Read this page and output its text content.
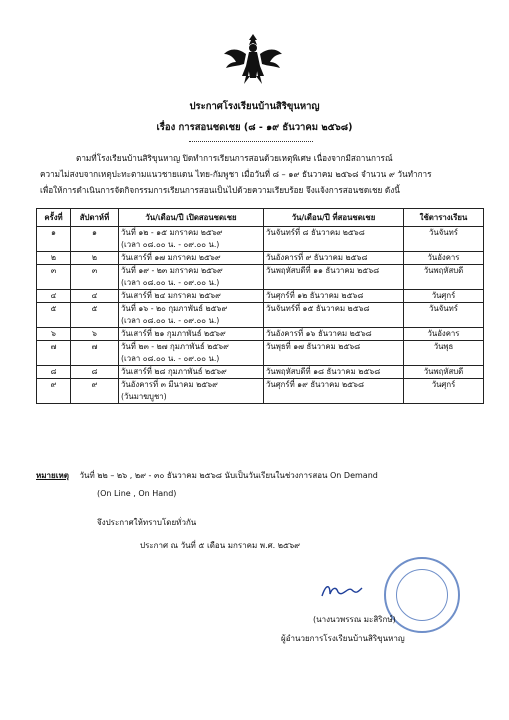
ประกาศโรงเรียนบ้านสิริขุนหาญ
เรื่อง การสอนชดเชย (๘ - ๑๙ ธันวาคม ๒๕๖๘)
ตามที่โรงเรียนบ้านสิริขุนหาญ ปิดทำการเรียนการสอนด้วยเหตุพิเศษ เนื่องจากมีสถานการณ์
ความไม่สงบจากเหตุปะทะตามแนวชายแดน ไทย-กัมพูชา เมื่อวันที่ ๘ – ๑๙ ธันวาคม ๒๕๖๘ จำนวน ๙ วันทำการ
เพื่อให้การดำเนินการจัดกิจกรรมการเรียนการสอนเป็นไปด้วยความเรียบร้อย จึงแจ้งการสอนชดเชย ดังนี้
ครั้งที่	สัปดาห์ที่	วัน/เดือน/ปี เปิดสอนชดเชย	วัน/เดือน/ปี ที่สอนชดเชย	ใช้ตารางเรียน
๑	๑	วันที่ ๑๒ - ๑๕ มกราคม ๒๕๖๙	วันจันทร์ที่ ๘ ธันวาคม ๒๕๖๘	วันจันทร์
		(เวลา ๐๘.๐๐ น. - ๐๙.๐๐ น.)		
๒	๒	วันเสาร์ที่ ๑๗ มกราคม ๒๕๖๙	วันอังคารที่ ๙ ธันวาคม ๒๕๖๘	วันอังคาร
๓	๓	วันที่ ๑๙ - ๒๓ มกราคม ๒๕๖๙	วันพฤหัสบดีที่ ๑๑ ธันวาคม ๒๕๖๘	วันพฤหัสบดี
		(เวลา ๐๘.๐๐ น. - ๐๙.๐๐ น.)		
๔	๔	วันเสาร์ที่ ๒๔ มกราคม ๒๕๖๙	วันศุกร์ที่ ๑๒ ธันวาคม ๒๕๖๘	วันศุกร์
๕	๕	วันที่ ๑๖ - ๒๐ กุมภาพันธ์ ๒๕๖๙	วันจันทร์ที่ ๑๕ ธันวาคม ๒๕๖๘	วันจันทร์
		(เวลา ๐๘.๐๐ น. - ๐๙.๐๐ น.)		
๖	๖	วันเสาร์ที่ ๒๑ กุมภาพันธ์ ๒๕๖๙	วันอังคารที่ ๑๖ ธันวาคม ๒๕๖๘	วันอังคาร
๗	๗	วันที่ ๒๓ - ๒๗ กุมภาพันธ์ ๒๕๖๙	วันพุธที่ ๑๗ ธันวาคม ๒๕๖๘	วันพุธ
		(เวลา ๐๘.๐๐ น. - ๐๙.๐๐ น.)		
๘	๘	วันเสาร์ที่ ๒๘ กุมภาพันธ์ ๒๕๖๙	วันพฤหัสบดีที่ ๑๘ ธันวาคม ๒๕๖๘	วันพฤหัสบดี
๙	๙	วันอังคารที่ ๓ มีนาคม ๒๕๖๙	วันศุกร์ที่ ๑๙ ธันวาคม ๒๕๖๘	วันศุกร์
		(วันมาฆบูชา)		
หมายเหตุ วันที่ ๒๒ – ๒๖ , ๒๙ - ๓๐ ธันวาคม ๒๕๖๘ นับเป็นวันเรียนในช่วงการสอน On Demand
(On Line , On Hand)
จึงประกาศให้ทราบโดยทั่วกัน
ประกาศ ณ วันที่ ๕ เดือน มกราคม พ.ศ. ๒๕๖๙
(นางนวพรรณ มะสิริกษ์)
ผู้อำนวยการโรงเรียนบ้านสิริขุนหาญ
